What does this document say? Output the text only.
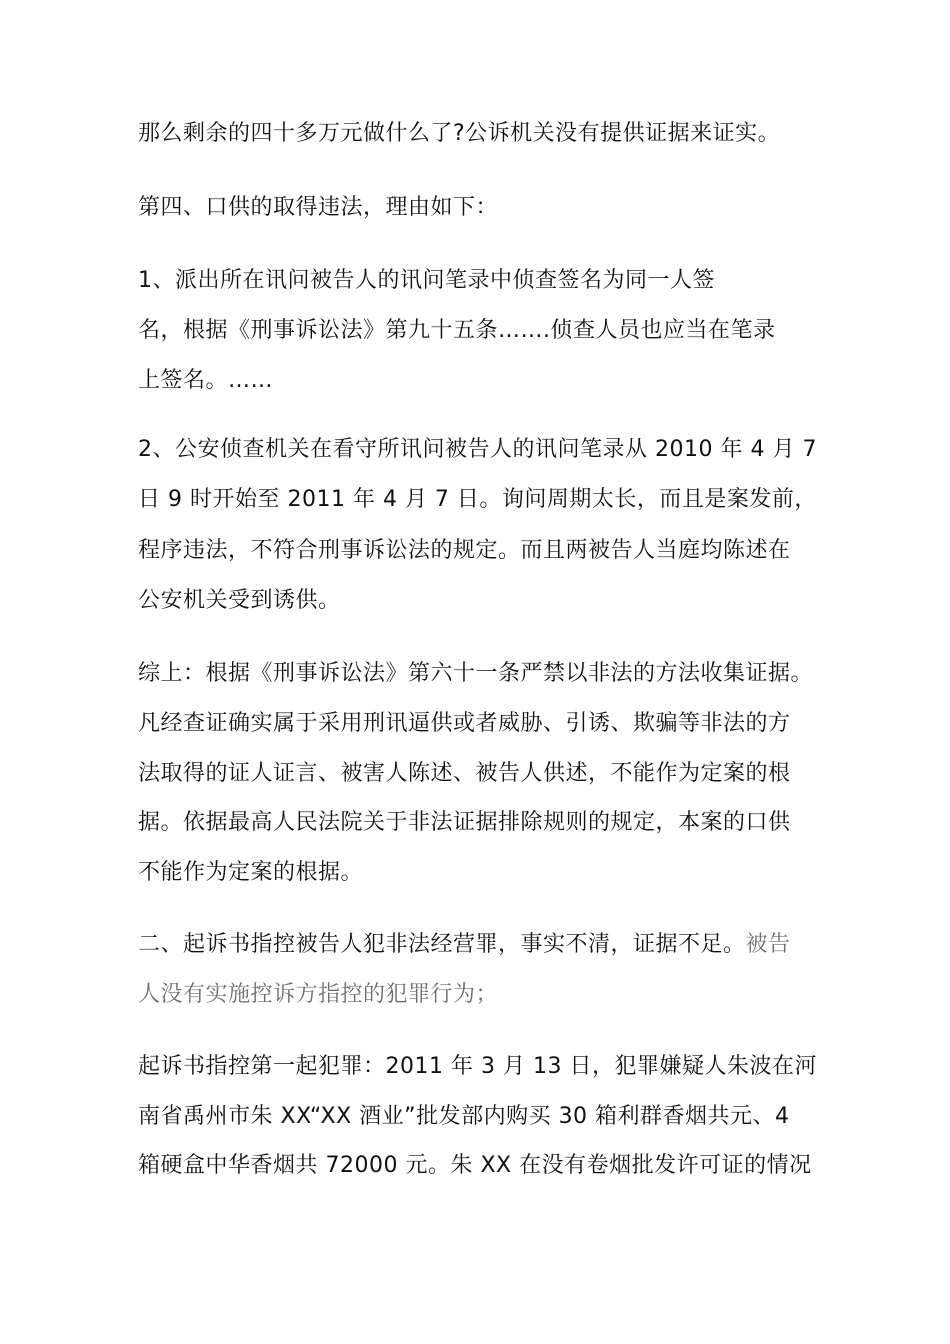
那么剩余的四十多万元做什么了?公诉机关没有提供证据来证实。
第四、口供的取得违法，理由如下：
1、派出所在讯问被告人的讯问笔录中侦查签名为同一人签
名，根据《刑事诉讼法》第九十五条…….侦查人员也应当在笔录
上签名。……
2、公安侦查机关在看守所讯问被告人的讯问笔录从 2010 年 4 月 7
日 9 时开始至 2011 年 4 月 7 日。询问周期太长，而且是案发前，
程序违法，不符合刑事诉讼法的规定。而且两被告人当庭均陈述在
公安机关受到诱供。
综上：根据《刑事诉讼法》第六十一条严禁以非法的方法收集证据。
凡经查证确实属于采用刑讯逼供或者威胁、引诱、欺骗等非法的方
法取得的证人证言、被害人陈述、被告人供述，不能作为定案的根
据。依据最高人民法院关于非法证据排除规则的规定，本案的口供
不能作为定案的根据。
二、起诉书指控被告人犯非法经营罪，事实不清，证据不足。被告
人没有实施控诉方指控的犯罪行为；
起诉书指控第一起犯罪：2011 年 3 月 13 日，犯罪嫌疑人朱波在河
南省禹州市朱 XX“XX 酒业”批发部内购买 30 箱利群香烟共元、4
箱硬盒中华香烟共 72000 元。朱 XX 在没有卷烟批发许可证的情况
